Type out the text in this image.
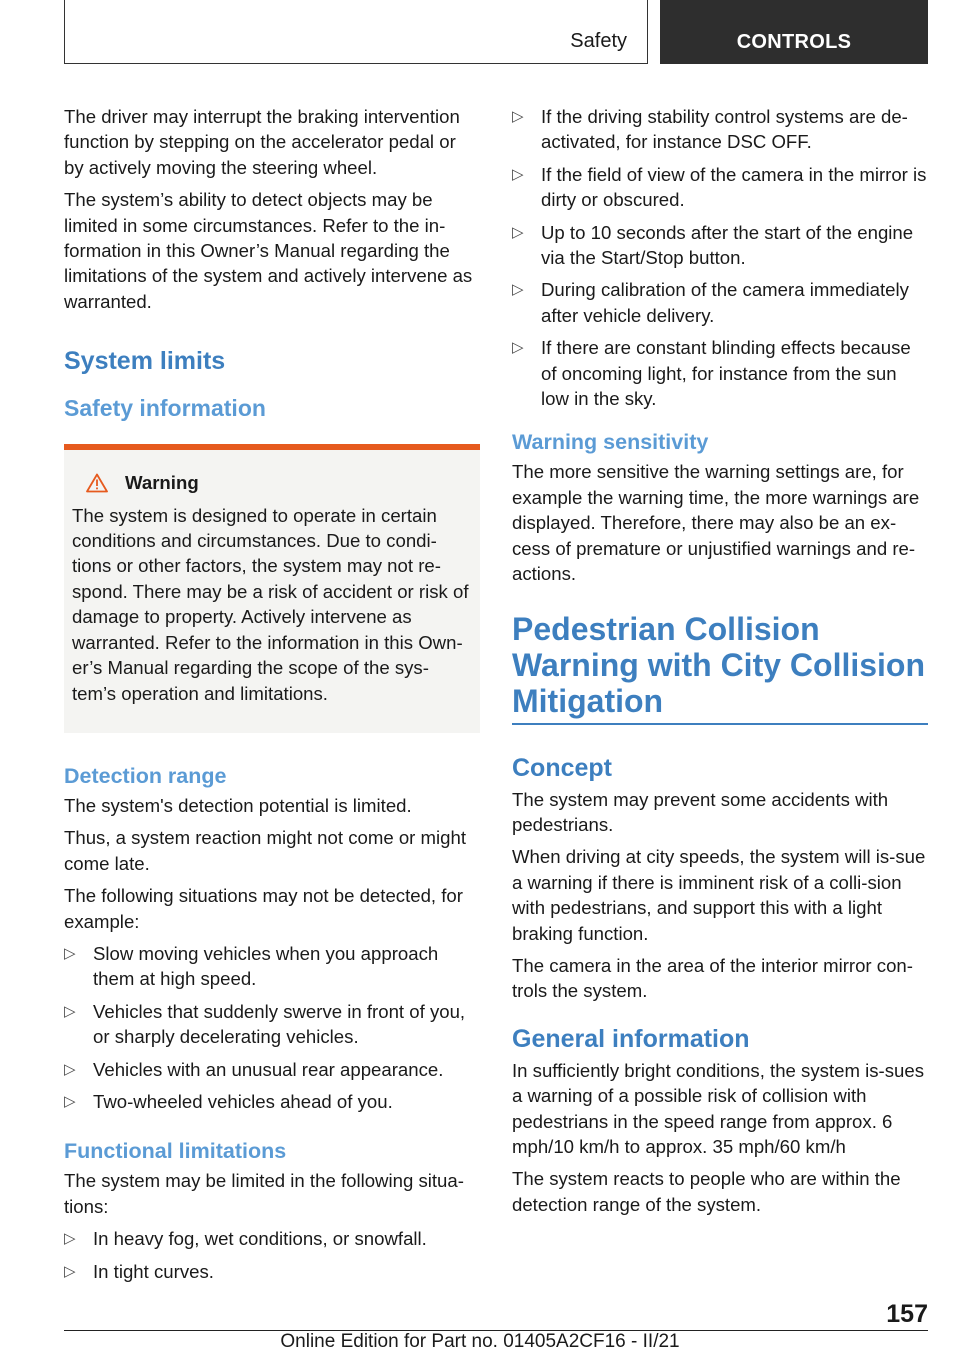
Safety	CONTROLS

The driver may interrupt the braking intervention function by stepping on the accelerator pedal or by actively moving the steering wheel.

The system’s ability to detect objects may be limited in some circumstances. Refer to the in-formation in this Owner’s Manual regarding the limitations of the system and actively intervene as warranted.

System limits
Safety information
Warning

The system is designed to operate in certain conditions and circumstances. Due to condi-tions or other factors, the system may not re-spond. There may be a risk of accident or risk of damage to property. Actively intervene as warranted. Refer to the information in this Own-er’s Manual regarding the scope of the sys-tem’s operation and limitations.

Detection range

The system's detection potential is limited.

Thus, a system reaction might not come or might come late.

The following situations may not be detected, for example:

▷ Slow moving vehicles when you approach them at high speed.
▷ Vehicles that suddenly swerve in front of you, or sharply decelerating vehicles.
▷ Vehicles with an unusual rear appearance.
▷ Two-wheeled vehicles ahead of you.
Functional limitations

The system may be limited in the following situa-tions:

▷ In heavy fog, wet conditions, or snowfall.
▷ In tight curves.
▷ If the driving stability control systems are de-activated, for instance DSC OFF.
▷ If the field of view of the camera in the mirror is dirty or obscured.
▷ Up to 10 seconds after the start of the engine via the Start/Stop button.
▷ During calibration of the camera immediately after vehicle delivery.
▷ If there are constant blinding effects because of oncoming light, for instance from the sun low in the sky.
Warning sensitivity

The more sensitive the warning settings are, for example the warning time, the more warnings are displayed. Therefore, there may also be an ex-cess of premature or unjustified warnings and re-actions.

Pedestrian Collision Warning with City Collision Mitigation
Concept

The system may prevent some accidents with pedestrians.

When driving at city speeds, the system will is-sue a warning if there is imminent risk of a colli-sion with pedestrians, and support this with a light braking function.

The camera in the area of the interior mirror con-trols the system.

General information

In sufficiently bright conditions, the system is-sues a warning of a possible risk of collision with pedestrians in the speed range from approx. 6 mph/10 km/h to approx. 35 mph/60 km/h

The system reacts to people who are within the detection range of the system.

157
Online Edition for Part no. 01405A2CF16 - II/21
